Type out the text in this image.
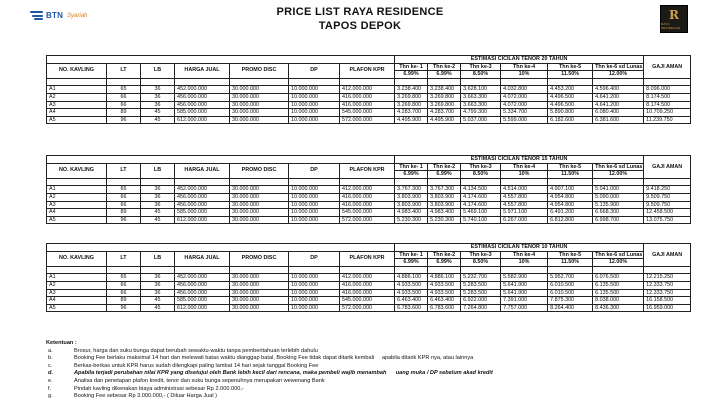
BTN Syariah	PRICE LIST RAYA RESIDENCE
TAPOS DEPOK
R
RAYA RESIDENCE
							ESTIMASI CICILAN TENOR 20 TAHUN						GAJI AMAN
NO. KAVLING	LT	LB	HARGA JUAL	PROMO DISC	DP	PLAFON KPR	Thn ke- 1	Thn ke-2	Thn ke-3	Thn ke-4	Thn ke-5	Thn ke-6 sd Lunas	
							6.99%	6.99%	8.50%	10%	11.50%	12.00%	

A1	65	36	452.000.000	30.000.000	10.000.000	412.000.000	3.238.400	3.238.400	3.628.100	4.032.800	4.453.200	4.596.400	8.096.000
A2	66	36	456.000.000	30.000.000	10.000.000	416.000.000	3.269.800	3.269.800	3.663.300	4.072.000	4.496.500	4.641.200	8.174.500
A3	66	36	456.000.000	30.000.000	10.000.000	416.000.000	3.269.800	3.269.800	3.663.300	4.072.000	4.496.500	4.641.200	8.174.500
A4	89	45	585.000.000	30.000.000	10.000.000	545.000.000	4.283.700	4.283.700	4.799.300	5.334.700	5.890.800	6.080.400	10.709.250
A5	96	45	612.000.000	30.000.000	10.000.000	572.000.000	4.495.900	4.495.900	5.037.000	5.599.000	6.182.600	6.381.600	11.239.750
							ESTIMASI CICILAN TENOR 15 TAHUN						GAJI AMAN
NO. KAVLING	LT	LB	HARGA JUAL	PROMO DISC	DP	PLAFON KPR	Thn ke- 1	Thn ke-2	Thn ke-3	Thn ke-4	Thn ke-5	Thn ke-6 sd Lunas	
							6.99%	6.99%	8.50%	10%	11.50%	12.00%	

A1	65	36	452.000.000	30.000.000	10.000.000	412.000.000	3.767.300	3.767.300	4.134.500	4.514.000	4.907.100	5.041.000	9.418.250
A2	66	36	456.000.000	30.000.000	10.000.000	416.000.000	3.803.900	3.803.900	4.174.600	4.557.800	4.954.800	5.090.000	9.509.750
A3	66	36	456.000.000	30.000.000	10.000.000	416.000.000	3.803.900	3.803.900	4.174.600	4.557.800	4.954.800	5.135.900	9.509.750
A4	89	45	585.000.000	30.000.000	10.000.000	545.000.000	4.983.400	4.983.400	5.469.100	5.971.100	6.491.200	6.668.300	12.458.500
A5	96	45	612.000.000	30.000.000	10.000.000	572.000.000	5.230.300	5.230.300	5.740.100	6.267.000	6.812.800	6.998.700	13.075.750
							ESTIMASI CICILAN TENOR 10 TAHUN						GAJI AMAN
NO. KAVLING	LT	LB	HARGA JUAL	PROMO DISC	DP	PLAFON KPR	Thn ke- 1	Thn ke-2	Thn ke-3	Thn ke-4	Thn ke-5	Thn ke-6 sd Lunas	
							6.99%	6.99%	8.50%	10%	11.50%	12.00%	

A1	65	36	452.000.000	30.000.000	10.000.000	412.000.000	4.886.100	4.886.100	5.232.700	5.582.900	5.952.700	6.076.500	12.215.250
A2	66	36	456.000.000	30.000.000	10.000.000	416.000.000	4.933.500	4.933.500	5.283.500	5.641.900	6.010.500	6.135.500	12.333.750
A3	66	36	456.000.000	30.000.000	10.000.000	416.000.000	4.933.500	4.933.500	5.283.500	5.641.900	6.010.500	6.135.500	12.333.750
A4	89	45	585.000.000	30.000.000	10.000.000	545.000.000	6.463.400	6.463.400	6.922.000	7.391.000	7.875.300	8.038.000	16.158.500
A5	96	45	612.000.000	30.000.000	10.000.000	572.000.000	6.783.600	6.783.600	7.264.800	7.757.000	8.264.400	8.436.300	16.959.000
Ketentuan :
a.	Brosur, harga dan suku bunga dapat berubah sewaktu-waktu tanpa pemberitahuan terlebih dahulu
b.	Booking Fee berlaku maksimal 14 hari dan melewati batas waktu dianggap batal, Booking Fee tidak dapat ditarik kembali     apabila ditarik KPR nya, atau lainnya
c.	Berkas-berkas untuk KPR harus sudah dilengkapi paling lambat 14 hari sejak tanggal Booking Fee
d.	Apabila terjadi perubahan nilai KPR yang disetujui oleh Bank lebih kecil dari rencana, maka pembeli wajib menambah      uang muka / DP sebelum akad kredit
e.	Analisa dan penetapan plafon kredit, tenor dan suku bunga sepenuhnya merupakan wewenang Bank
f.	Pindah kavling dikenakan biaya administrasi sebesar Rp 2.000.000,-
g.	Booking Fee sebesar Rp 3.000.000,- ( Diluar Harga Jual )
